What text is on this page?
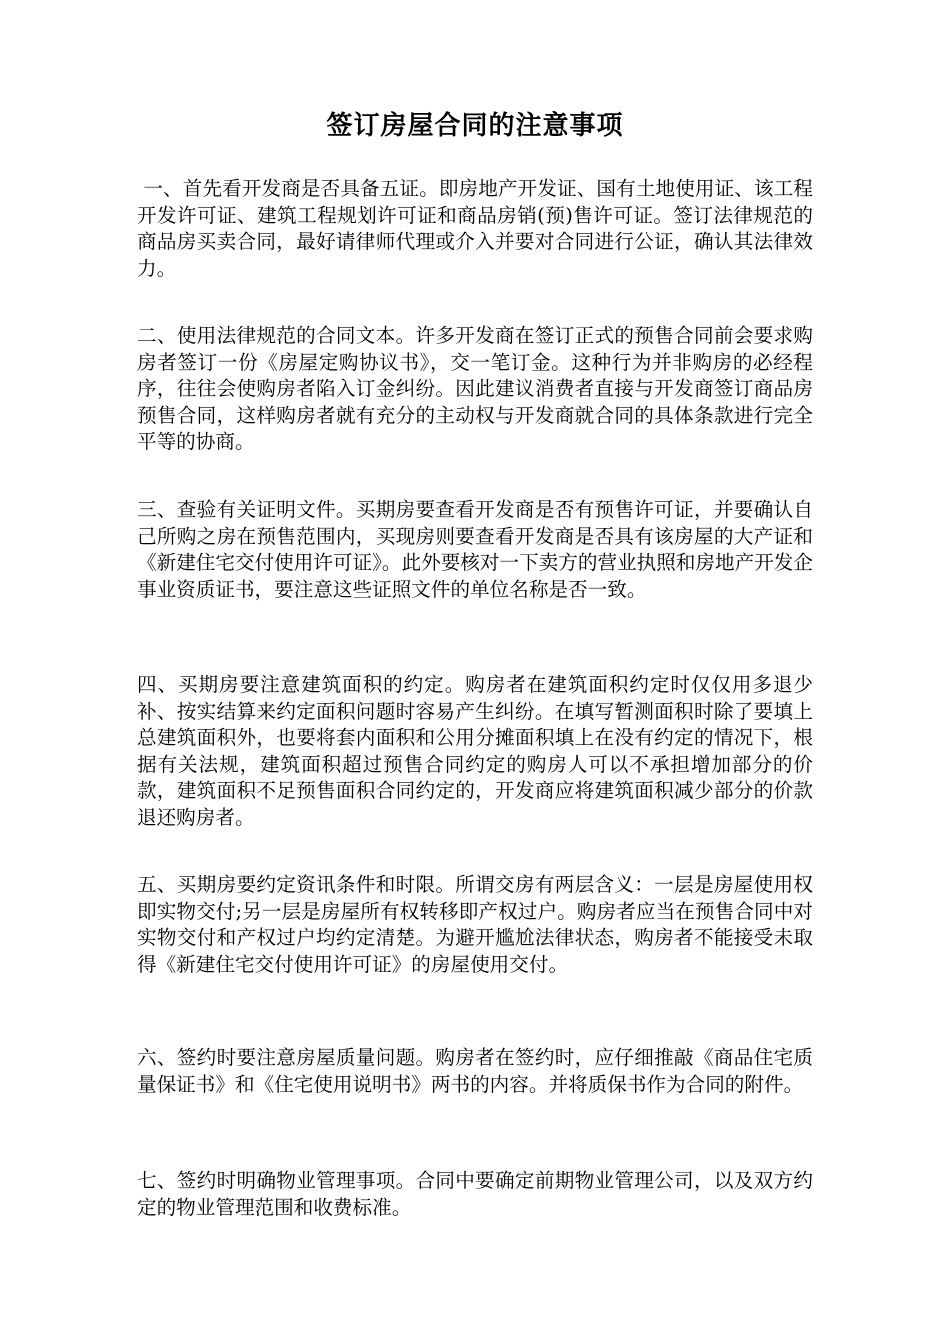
签订房屋合同的注意事项

一、首先看开发商是否具备五证。即房地产开发证、国有土地使用证、该工程开发许可证、建筑工程规划许可证和商品房销(预)售许可证。签订法律规范的商品房买卖合同，最好请律师代理或介入并要对合同进行公证，确认其法律效力。

二、使用法律规范的合同文本。许多开发商在签订正式的预售合同前会要求购房者签订一份《房屋定购协议书》，交一笔订金。这种行为并非购房的必经程序，往往会使购房者陷入订金纠纷。因此建议消费者直接与开发商签订商品房预售合同，这样购房者就有充分的主动权与开发商就合同的具体条款进行完全平等的协商。

三、查验有关证明文件。买期房要查看开发商是否有预售许可证，并要确认自己所购之房在预售范围内，买现房则要查看开发商是否具有该房屋的大产证和《新建住宅交付使用许可证》。此外要核对一下卖方的营业执照和房地产开发企事业资质证书，要注意这些证照文件的单位名称是否一致。

四、买期房要注意建筑面积的约定。购房者在建筑面积约定时仅仅用多退少补、按实结算来约定面积问题时容易产生纠纷。在填写暂测面积时除了要填上总建筑面积外，也要将套内面积和公用分摊面积填上在没有约定的情况下，根据有关法规，建筑面积超过预售合同约定的购房人可以不承担增加部分的价款，建筑面积不足预售面积合同约定的，开发商应将建筑面积减少部分的价款退还购房者。

五、买期房要约定资讯条件和时限。所谓交房有两层含义：一层是房屋使用权即实物交付;另一层是房屋所有权转移即产权过户。购房者应当在预售合同中对实物交付和产权过户均约定清楚。为避开尴尬法律状态，购房者不能接受未取得《新建住宅交付使用许可证》的房屋使用交付。

六、签约时要注意房屋质量问题。购房者在签约时，应仔细推敲《商品住宅质量保证书》和《住宅使用说明书》两书的内容。并将质保书作为合同的附件。

七、签约时明确物业管理事项。合同中要确定前期物业管理公司，以及双方约定的物业管理范围和收费标准。
